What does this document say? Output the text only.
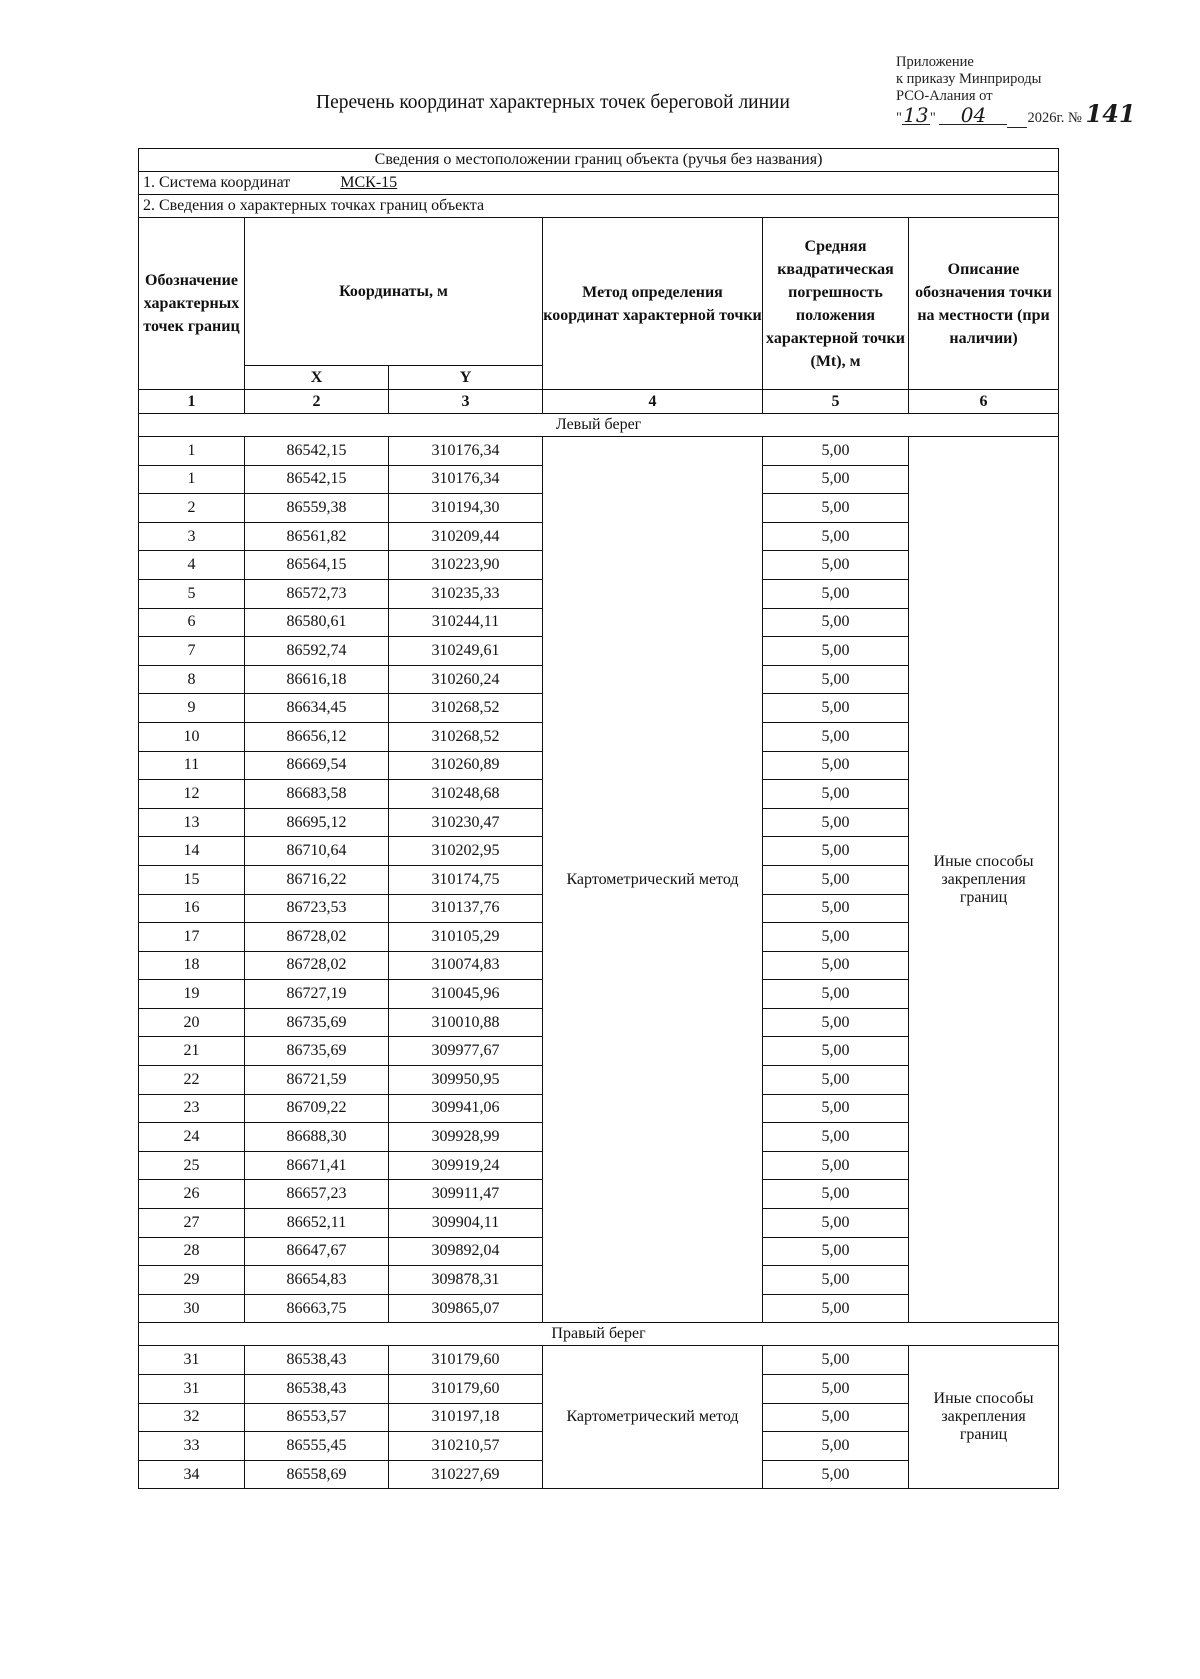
Приложение
к приказу Минприроды
РСО-Алания от
"13" 04	2026г. № 141
Перечень координат характерных точек береговой линии
Сведения о местоположении границ объекта (ручья без названия)					
1. Система координат МСК-15					
2. Сведения о характерных точках границ объекта					
Обозначение характерных точек границ	Координаты, м		Метод определения координат характерной точки	Средняя квадратическая погрешность положения характерной точки (Mt), м	Описание обозначения точки на местности (при наличии)
	X	Y			
1	2	3	4	5	6
Левый берег					
1	86542,15	310176,34	Картометрический метод	5,00	Иные способы закрепления границ
1	86542,15	310176,34		5,00	
2	86559,38	310194,30		5,00	
3	86561,82	310209,44		5,00	
4	86564,15	310223,90		5,00	
5	86572,73	310235,33		5,00	
6	86580,61	310244,11		5,00	
7	86592,74	310249,61		5,00	
8	86616,18	310260,24		5,00	
9	86634,45	310268,52		5,00	
10	86656,12	310268,52		5,00	
11	86669,54	310260,89		5,00	
12	86683,58	310248,68		5,00	
13	86695,12	310230,47		5,00	
14	86710,64	310202,95		5,00	
15	86716,22	310174,75		5,00	
16	86723,53	310137,76		5,00	
17	86728,02	310105,29		5,00	
18	86728,02	310074,83		5,00	
19	86727,19	310045,96		5,00	
20	86735,69	310010,88		5,00	
21	86735,69	309977,67		5,00	
22	86721,59	309950,95		5,00	
23	86709,22	309941,06		5,00	
24	86688,30	309928,99		5,00	
25	86671,41	309919,24		5,00	
26	86657,23	309911,47		5,00	
27	86652,11	309904,11		5,00	
28	86647,67	309892,04		5,00	
29	86654,83	309878,31		5,00	
30	86663,75	309865,07		5,00	
Правый берег					
31	86538,43	310179,60	Картометрический метод	5,00	Иные способы закрепления границ
31	86538,43	310179,60		5,00	
32	86553,57	310197,18		5,00	
33	86555,45	310210,57		5,00	
34	86558,69	310227,69		5,00	
